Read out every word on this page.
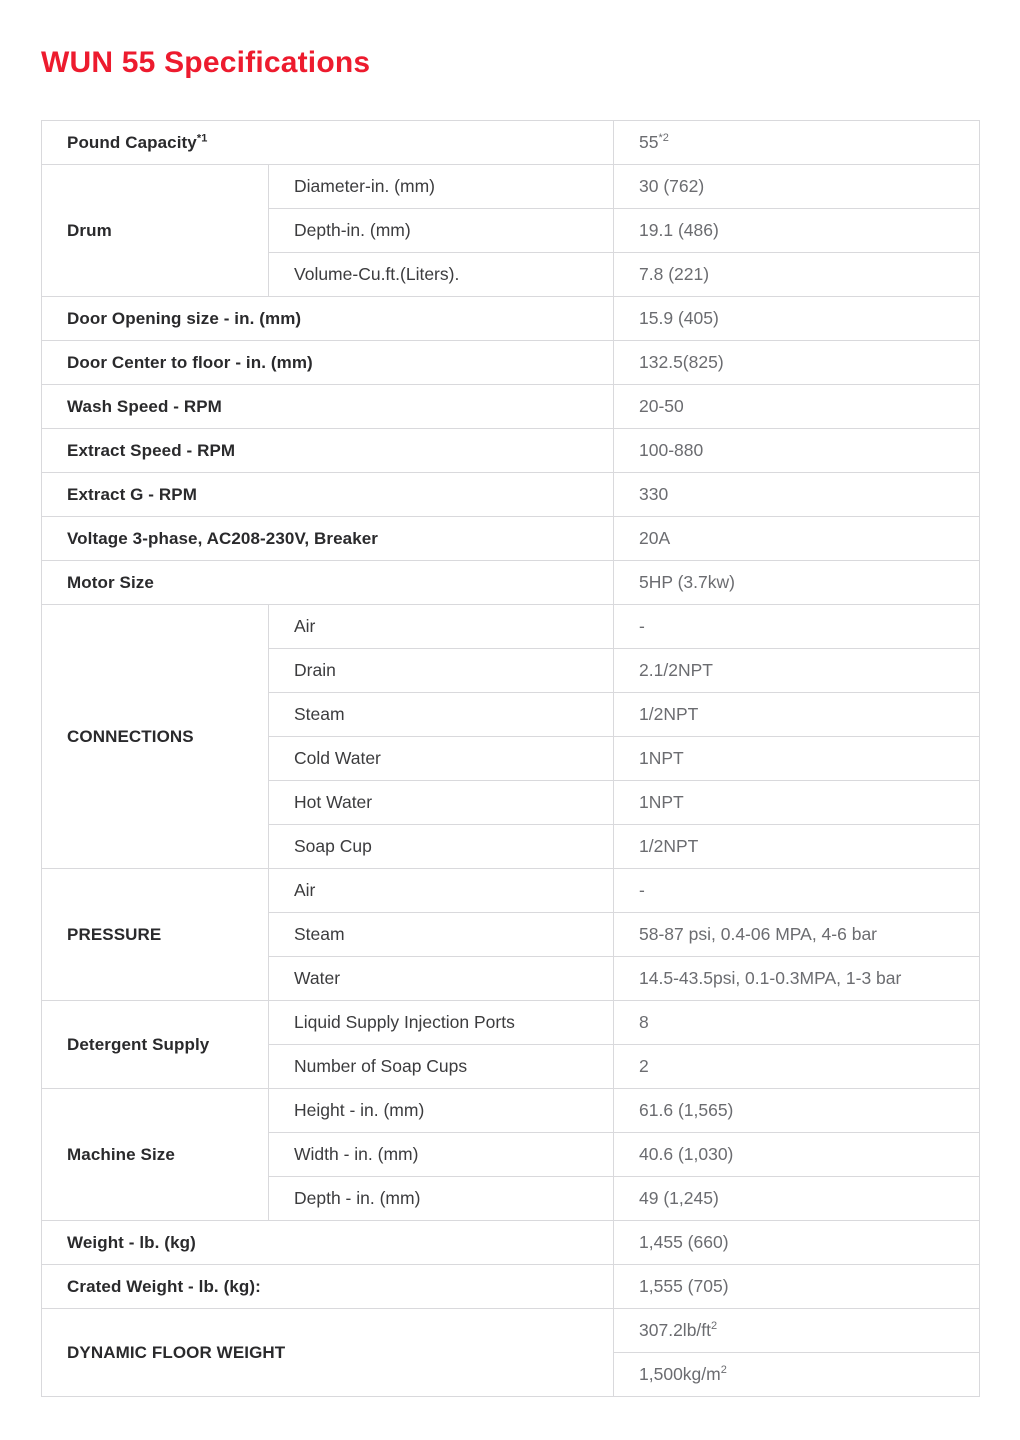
WUN 55 Specifications
Pound Capacity$^{*1}$		55$^{*2}$
Drum	Diameter-in. (mm)	30 (762)
	Depth-in. (mm)	19.1 (486)
	Volume-Cu.ft.(Liters).	7.8 (221)
Door Opening size - in. (mm)		15.9 (405)
Door Center to floor - in. (mm)		132.5(825)
Wash Speed - RPM		20-50
Extract Speed - RPM		100-880
Extract G - RPM		330
Voltage 3-phase, AC208-230V, Breaker		20A
Motor Size		5HP (3.7kw)
CONNECTIONS	Air	-
	Drain	2.1/2NPT
	Steam	1/2NPT
	Cold Water	1NPT
	Hot Water	1NPT
	Soap Cup	1/2NPT
PRESSURE	Air	-
	Steam	58-87 psi, 0.4-06 MPA, 4-6 bar
	Water	14.5-43.5psi, 0.1-0.3MPA, 1-3 bar
Detergent Supply	Liquid Supply Injection Ports	8
	Number of Soap Cups	2
Machine Size	Height - in. (mm)	61.6 (1,565)
	Width - in. (mm)	40.6 (1,030)
	Depth - in. (mm)	49 (1,245)
Weight - lb. (kg)		1,455 (660)
Crated Weight - lb. (kg):		1,555 (705)
DYNAMIC FLOOR WEIGHT		307.2lb/ft$^2$
		1,500kg/m$^2$
